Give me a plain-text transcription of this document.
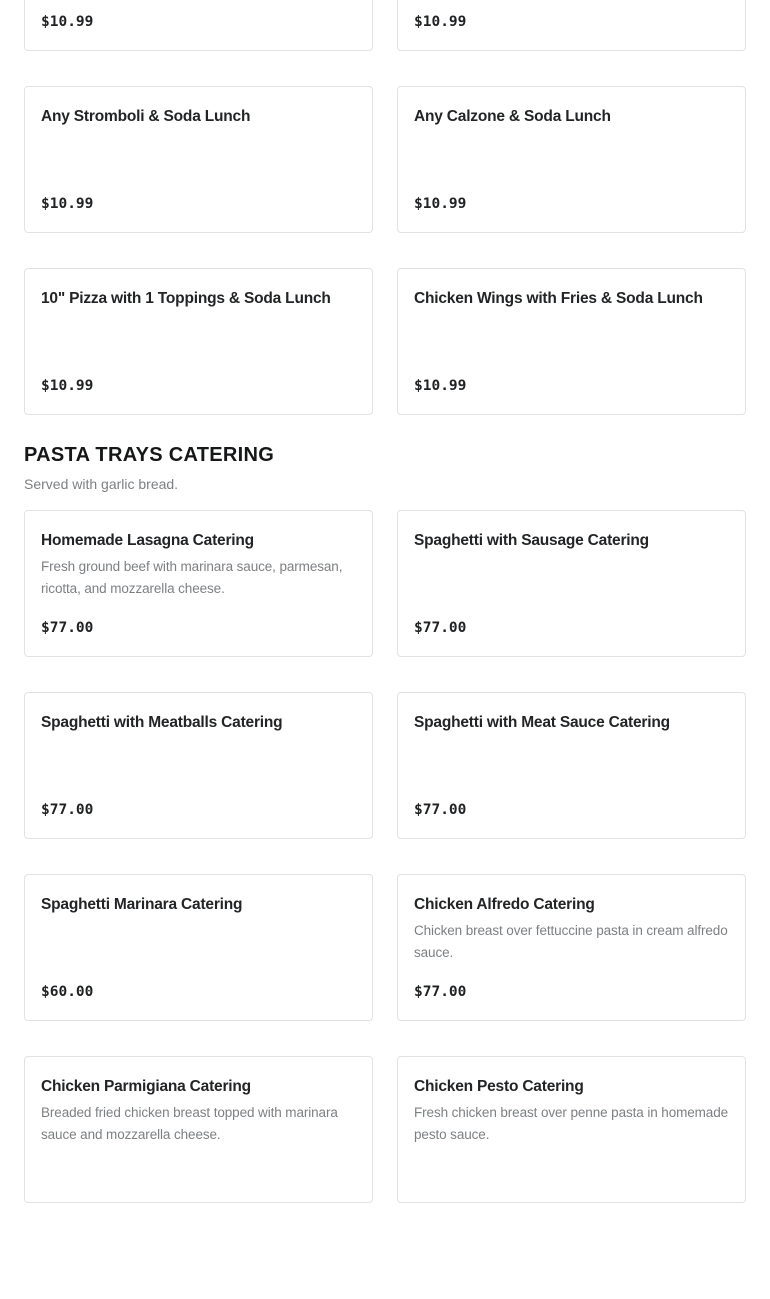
$10.99	$10.99
Any Stromboli & Soda Lunch
$10.99
Any Calzone & Soda Lunch
$10.99
10" Pizza with 1 Toppings & Soda Lunch
$10.99
Chicken Wings with Fries & Soda Lunch
$10.99
PASTA TRAYS CATERING

Served with garlic bread.

Homemade Lasagna Catering

Fresh ground beef with marinara sauce, parmesan, ricotta, and mozzarella cheese.

$77.00
Spaghetti with Sausage Catering
$77.00
Spaghetti with Meatballs Catering
$77.00
Spaghetti with Meat Sauce Catering
$77.00
Spaghetti Marinara Catering
$60.00
Chicken Alfredo Catering

Chicken breast over fettuccine pasta in cream alfredo sauce.

$77.00
Chicken Parmigiana Catering

Breaded fried chicken breast topped with marinara sauce and mozzarella cheese.

Chicken Pesto Catering

Fresh chicken breast over penne pasta in homemade pesto sauce.
